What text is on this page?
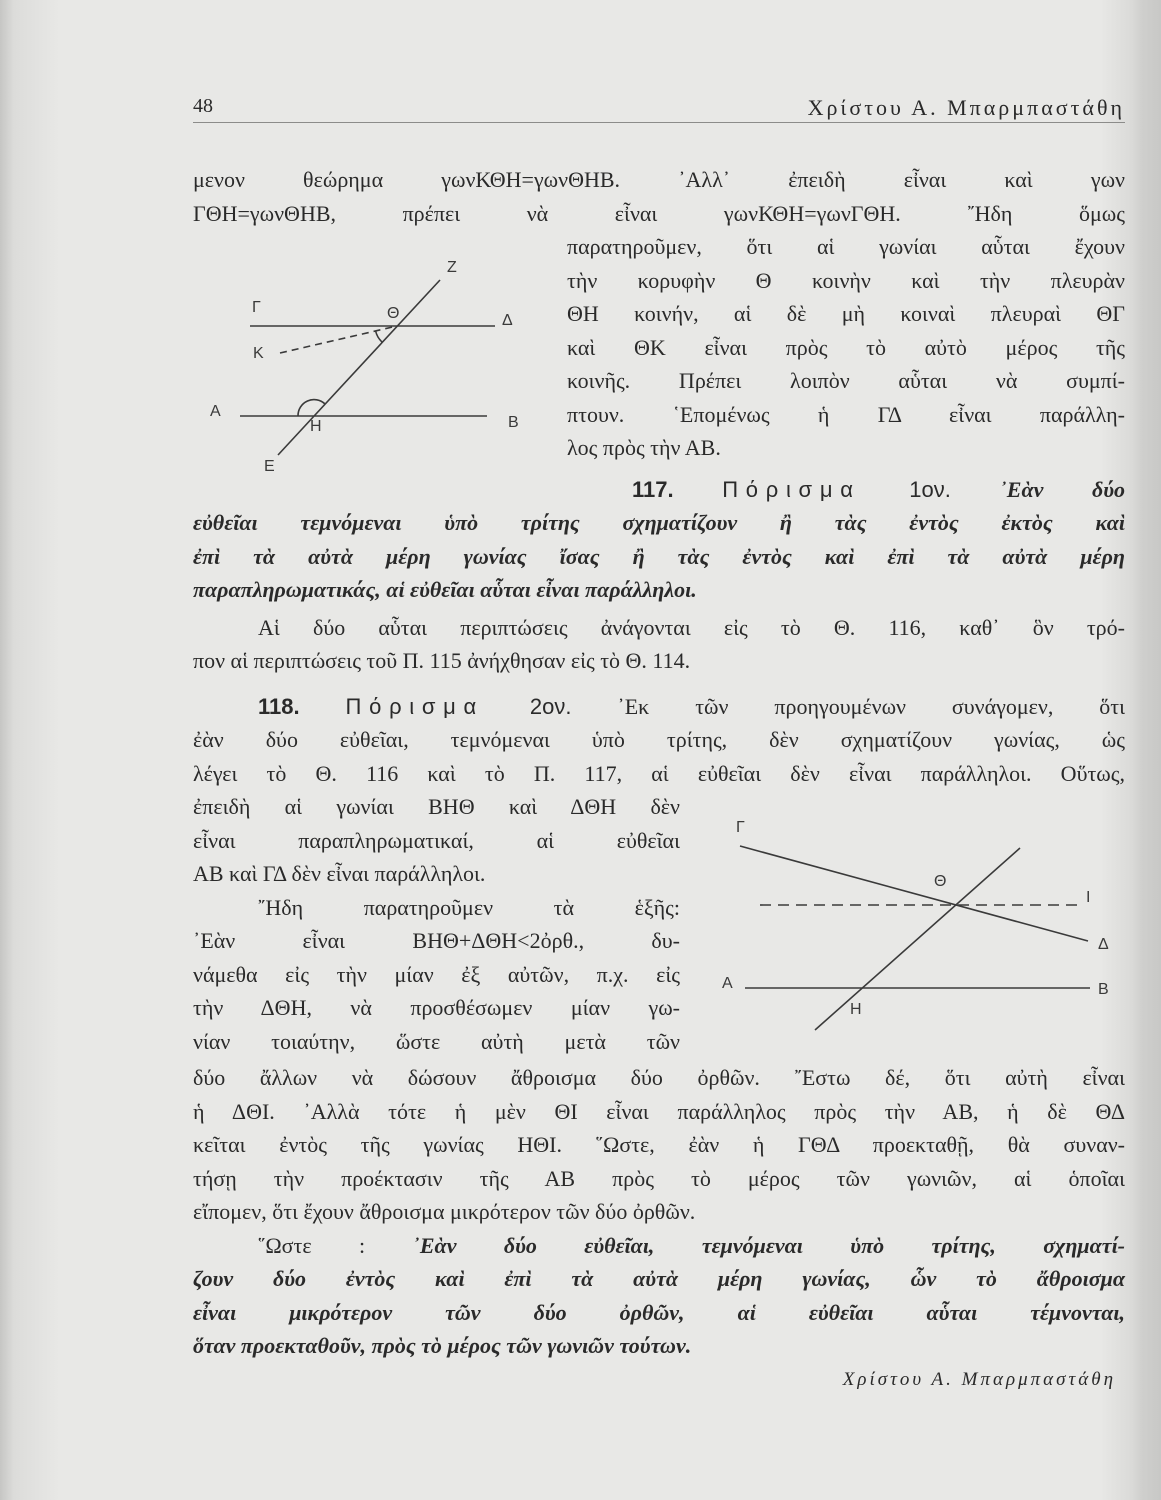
48	Χρίστου Α. Μπαρμπαστάθη
Ζ
Γ	Θ	Δ
Κ
Α
Η	Β
Ε
Γ
Θ
Ι
Δ
Α	Β
Η
μενον θεώρημα γωνΚΘΗ=γωνΘΗΒ. ᾿Αλλ᾿ ἐπειδὴ εἶναι καὶ γων
ΓΘΗ=γωνΘΗΒ, πρέπει νὰ εἶναι γωνΚΘΗ=γωνΓΘΗ. ῎Ηδη ὅμως
παρατηροῦμεν, ὅτι αἱ γωνίαι αὗται ἔχουν
τὴν κορυφὴν Θ κοινὴν καὶ τὴν πλευρὰν
ΘΗ κοινήν, αἱ δὲ μὴ κοιναὶ πλευραὶ ΘΓ
καὶ ΘΚ εἶναι πρὸς τὸ αὐτὸ μέρος τῆς
κοινῆς. Πρέπει λοιπὸν αὗται νὰ συμπί-
πτουν. ῾Επομένως ἡ ΓΔ εἶναι παράλλη-
λος πρὸς τὴν ΑΒ.
117. Πόρισμα 1ον. ᾿Εὰν δύο
εὐθεῖαι τεμνόμεναι ὑπὸ τρίτης σχηματίζουν ἢ τὰς ἐντὸς ἐκτὸς καὶ
ἐπὶ τὰ αὐτὰ μέρη γωνίας ἴσας ἢ τὰς ἐντὸς καὶ ἐπὶ τὰ αὐτὰ μέρη
παραπληρωματικάς, αἱ εὐθεῖαι αὗται εἶναι παράλληλοι.
Αἱ δύο αὗται περιπτώσεις ἀνάγονται εἰς τὸ Θ. 116, καθ᾿ ὃν τρό-
πον αἱ περιπτώσεις τοῦ Π. 115 ἀνήχθησαν εἰς τὸ Θ. 114.
118. Πόρισμα 2ον. ᾿Εκ τῶν προηγουμένων συνάγομεν, ὅτι
ἐὰν δύο εὐθεῖαι, τεμνόμεναι ὑπὸ τρίτης, δὲν σχηματίζουν γωνίας, ὡς
λέγει τὸ Θ. 116 καὶ τὸ Π. 117, αἱ εὐθεῖαι δὲν εἶναι παράλληλοι. Οὕτως,
ἐπειδὴ αἱ γωνίαι ΒΗΘ καὶ ΔΘΗ δὲν
εἶναι παραπληρωματικαί, αἱ εὐθεῖαι
ΑΒ καὶ ΓΔ δὲν εἶναι παράλληλοι.
῎Ηδη παρατηροῦμεν τὰ ἑξῆς:
᾿Εὰν εἶναι ΒΗΘ+ΔΘΗ<2ὀρθ., δυ-
νάμεθα εἰς τὴν μίαν ἐξ αὐτῶν, π.χ. εἰς
τὴν ΔΘΗ, νὰ προσθέσωμεν μίαν γω-
νίαν τοιαύτην, ὥστε αὐτὴ μετὰ τῶν
δύο ἄλλων νὰ δώσουν ἄθροισμα δύο ὀρθῶν. ῎Εστω δέ, ὅτι αὐτὴ εἶναι
ἡ ΔΘΙ. ᾿Αλλὰ τότε ἡ μὲν ΘΙ εἶναι παράλληλος πρὸς τὴν ΑΒ, ἡ δὲ ΘΔ
κεῖται ἐντὸς τῆς γωνίας ΗΘΙ. ῞Ωστε, ἐὰν ἡ ΓΘΔ προεκταθῇ, θὰ συναν-
τήσῃ τὴν προέκτασιν τῆς ΑΒ πρὸς τὸ μέρος τῶν γωνιῶν, αἱ ὁποῖαι
εἴπομεν, ὅτι ἔχουν ἄθροισμα μικρότερον τῶν δύο ὀρθῶν.
῞Ωστε : ᾿Εὰν δύο εὐθεῖαι, τεμνόμεναι ὑπὸ τρίτης, σχηματί-
ζουν δύο ἐντὸς καὶ ἐπὶ τὰ αὐτὰ μέρη γωνίας, ὧν τὸ ἄθροισμα
εἶναι μικρότερον τῶν δύο ὀρθῶν, αἱ εὐθεῖαι αὗται τέμνονται,
ὅταν προεκταθοῦν, πρὸς τὸ μέρος τῶν γωνιῶν τούτων.
Χρίστου Α. Μπαρμπαστάθη
